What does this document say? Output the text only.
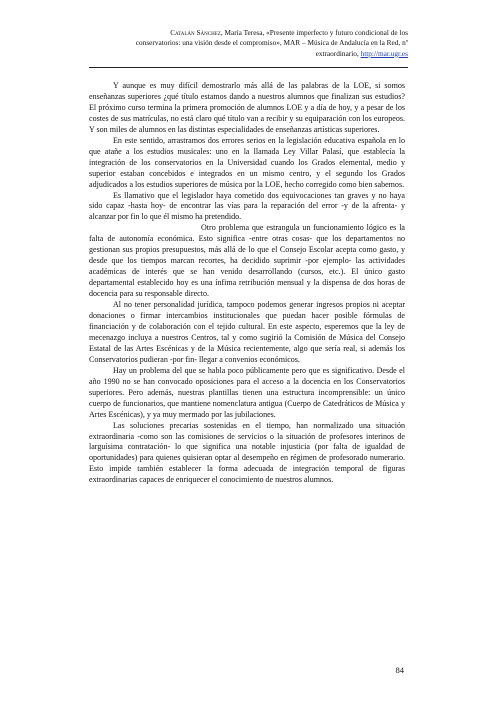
Catalán Sánchez, María Teresa, «Presente imperfecto y futuro condicional de los
conservatorios: una visión desde el compromiso», MAR – Música de Andalucía en la Red, nº
extraordinario, http://mar.ugr.es

Y aunque es muy difícil demostrarlo más allá de las palabras de la LOE, si somos enseñanzas superiores ¿qué título estamos dando a nuestros alumnos que finalizan sus estudios? El próximo curso termina la primera promoción de alumnos LOE y a día de hoy, y a pesar de los costes de sus matrículas, no está claro qué título van a recibir y su equiparación con los europeos. Y son miles de alumnos en las distintas especialidades de enseñanzas artísticas superiores.

En este sentido, arrastramos dos errores serios en la legislación educativa española en lo que atañe a los estudios musicales: uno en la llamada Ley Villar Palasí, que establecía la integración de los conservatorios en la Universidad cuando los Grados elemental, medio y superior estaban concebidos e integrados en un mismo centro, y el segundo los Grados adjudicados a los estudios superiores de música por la LOE, hecho corregido como bien sabemos.

Es llamativo que el legislador haya cometido dos equivocaciones tan graves y no haya sido capaz -hasta hoy- de encontrar las vías para la reparación del error -y de la afrenta- y alcanzar por fin lo que él mismo ha pretendido.

Otro problema que estrangula un funcionamiento lógico es la falta de autonomía económica. Esto significa -entre otras cosas- que los departamentos no gestionan sus propios presupuestos, más allá de lo que el Consejo Escolar acepta como gasto, y desde que los tiempos marcan recortes, ha decidido suprimir -por ejemplo- las actividades académicas de interés que se han venido desarrollando (cursos, etc.). El único gasto departamental establecido hoy es una ínfima retribución mensual y la dispensa de dos horas de docencia para su responsable directo.

Al no tener personalidad jurídica, tampoco podemos generar ingresos propios ni aceptar donaciones o firmar intercambios institucionales que puedan hacer posible fórmulas de financiación y de colaboración con el tejido cultural. En este aspecto, esperemos que la ley de mecenazgo incluya a nuestros Centros, tal y como sugirió la Comisión de Música del Consejo Estatal de las Artes Escénicas y de la Música recientemente, algo que sería real, si además los Conservatorios pudieran -por fin- llegar a convenios económicos.

Hay un problema del que se habla poco públicamente pero que es significativo. Desde el año 1990 no se han convocado oposiciones para el acceso a la docencia en los Conservatorios superiores. Pero además, nuestras plantillas tienen una estructura incomprensible: un único cuerpo de funcionarios, que mantiene nomenclatura antigua (Cuerpo de Catedráticos de Música y Artes Escénicas), y ya muy mermado por las jubilaciones.

Las soluciones precarias sostenidas en el tiempo, han normalizado una situación extraordinaria -como son las comisiones de servicios o la situación de profesores interinos de larguísima contratación- lo que significa una notable injusticia (por falta de igualdad de oportunidades) para quienes quisieran optar al desempeño en régimen de profesorado numerario. Esto impide también establecer la forma adecuada de integración temporal de figuras extraordinarias capaces de enriquecer el conocimiento de nuestros alumnos.

84
